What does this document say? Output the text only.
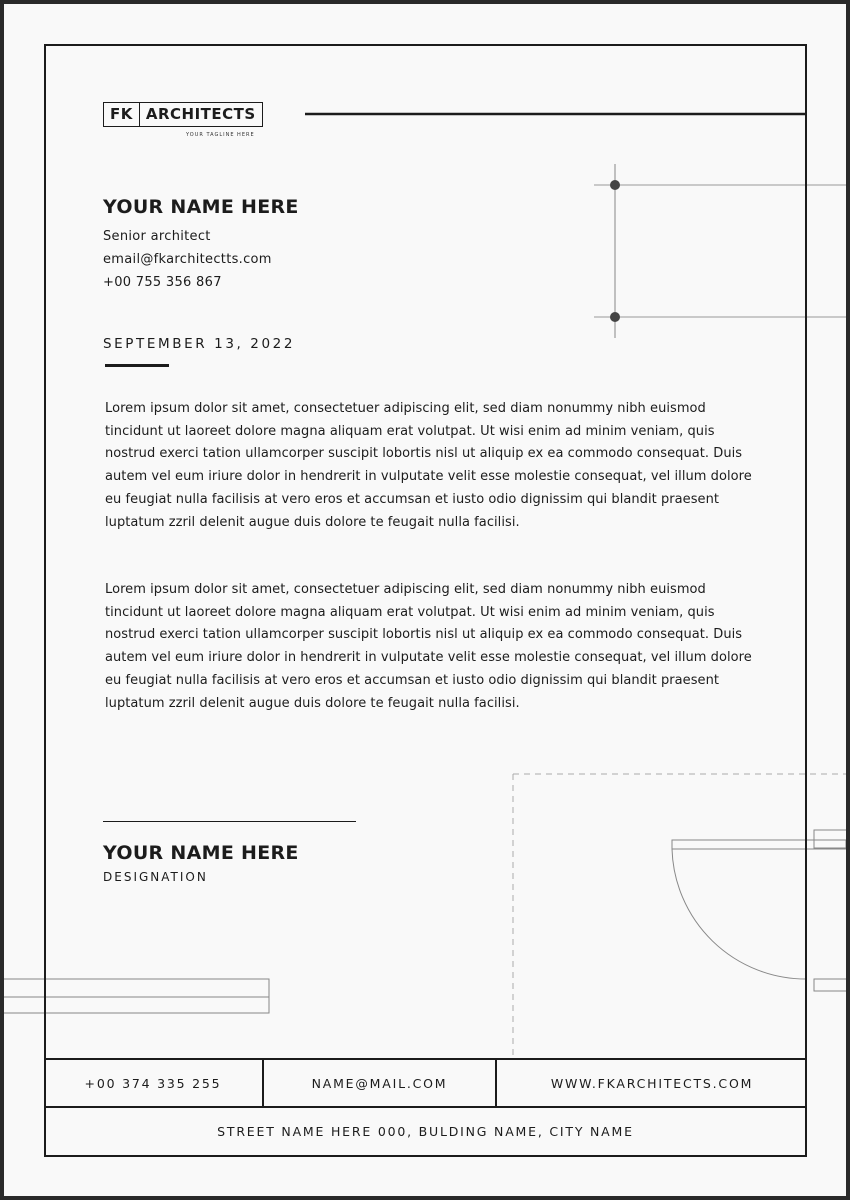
FK ARCHITECTS
YOUR TAGLINE HERE
YOUR NAME HERE
Senior architect
email@fkarchitectts.com
+00 755 356 867
SEPTEMBER 13, 2022

Lorem ipsum dolor sit amet, consectetuer adipiscing elit, sed diam nonummy nibh euismod tincidunt ut laoreet dolore magna aliquam erat volutpat. Ut wisi enim ad minim veniam, quis nostrud exerci tation ullamcorper suscipit lobortis nisl ut aliquip ex ea commodo consequat. Duis autem vel eum iriure dolor in hendrerit in vulputate velit esse molestie consequat, vel illum dolore eu feugiat nulla facilisis at vero eros et accumsan et iusto odio dignissim qui blandit praesent luptatum zzril delenit augue duis dolore te feugait nulla facilisi.

Lorem ipsum dolor sit amet, consectetuer adipiscing elit, sed diam nonummy nibh euismod tincidunt ut laoreet dolore magna aliquam erat volutpat. Ut wisi enim ad minim veniam, quis nostrud exerci tation ullamcorper suscipit lobortis nisl ut aliquip ex ea commodo consequat. Duis autem vel eum iriure dolor in hendrerit in vulputate velit esse molestie consequat, vel illum dolore eu feugiat nulla facilisis at vero eros et accumsan et iusto odio dignissim qui blandit praesent luptatum zzril delenit augue duis dolore te feugait nulla facilisi.

YOUR NAME HERE
DESIGNATION
+00 374 335 255	NAME@MAIL.COM	WWW.FKARCHITECTS.COM
STREET NAME HERE 000, BULDING NAME, CITY NAME
